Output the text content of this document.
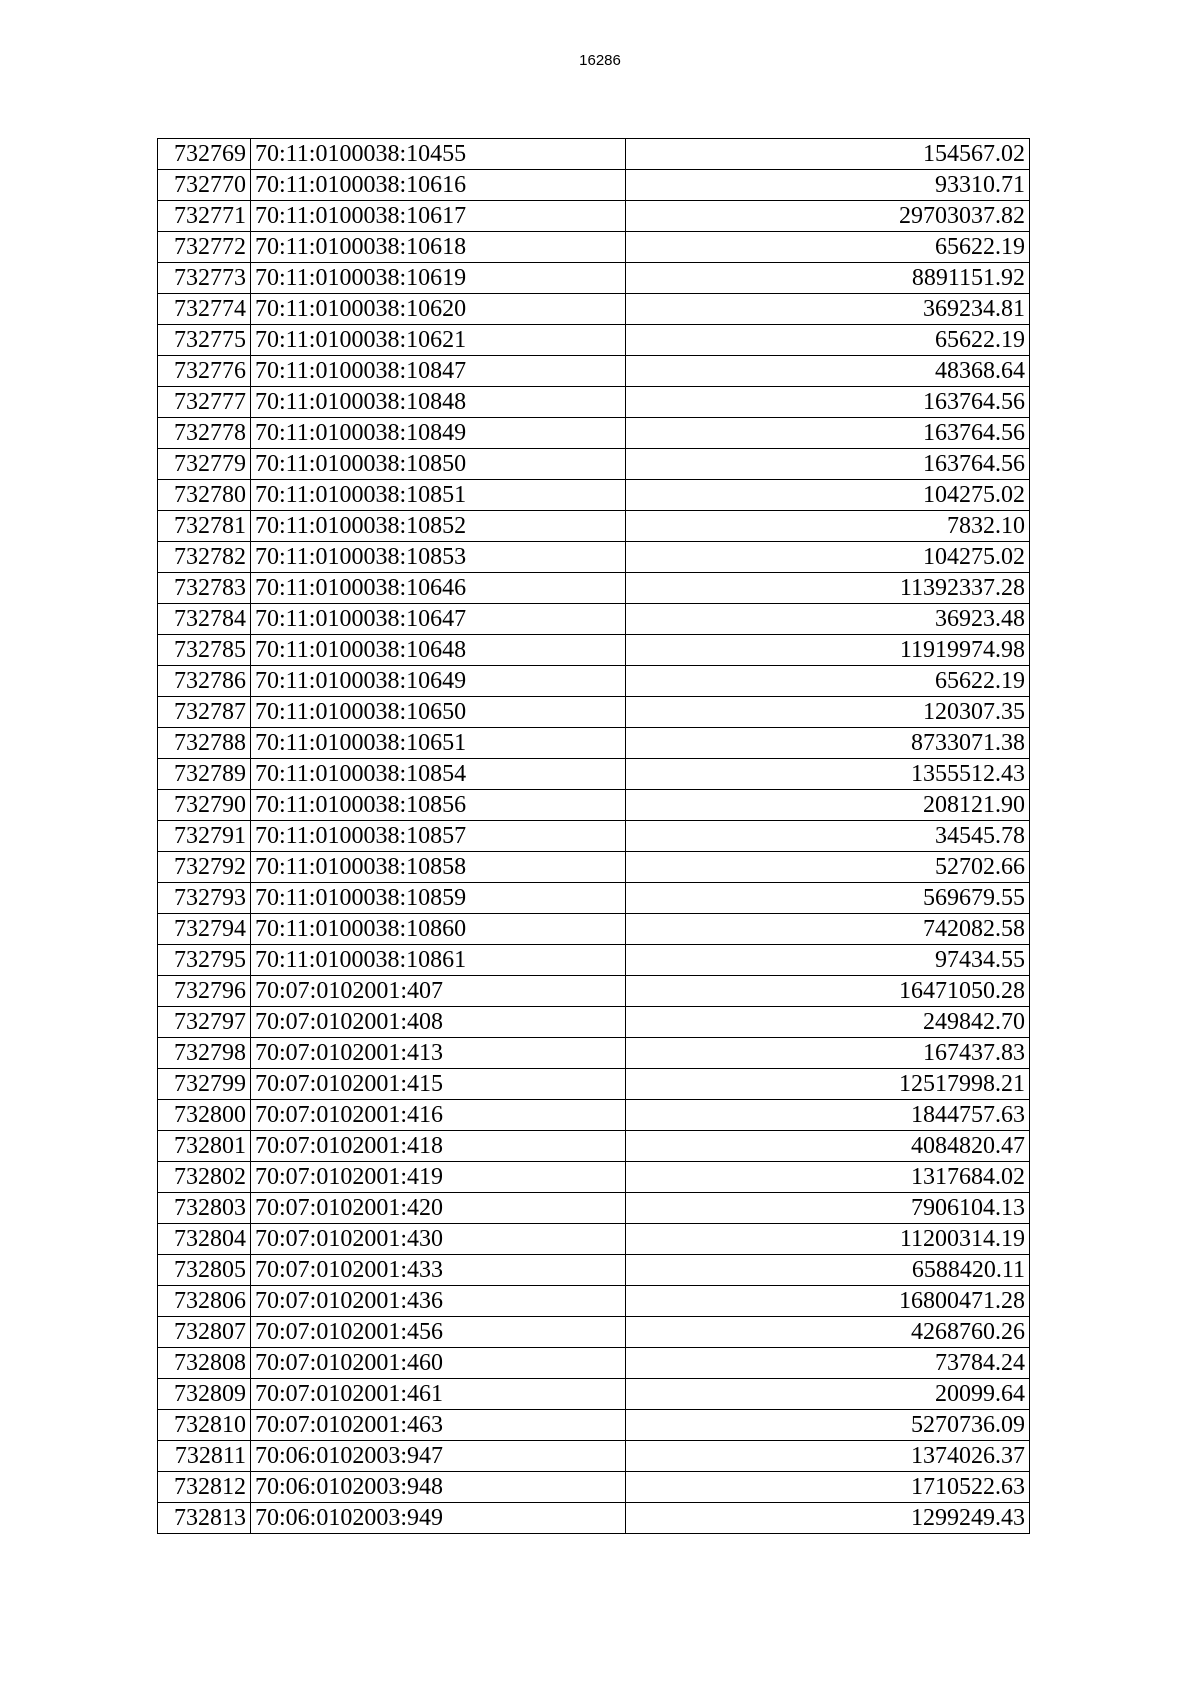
16286
732769	70:11:0100038:10455	154567.02
732770	70:11:0100038:10616	93310.71
732771	70:11:0100038:10617	29703037.82
732772	70:11:0100038:10618	65622.19
732773	70:11:0100038:10619	8891151.92
732774	70:11:0100038:10620	369234.81
732775	70:11:0100038:10621	65622.19
732776	70:11:0100038:10847	48368.64
732777	70:11:0100038:10848	163764.56
732778	70:11:0100038:10849	163764.56
732779	70:11:0100038:10850	163764.56
732780	70:11:0100038:10851	104275.02
732781	70:11:0100038:10852	7832.10
732782	70:11:0100038:10853	104275.02
732783	70:11:0100038:10646	11392337.28
732784	70:11:0100038:10647	36923.48
732785	70:11:0100038:10648	11919974.98
732786	70:11:0100038:10649	65622.19
732787	70:11:0100038:10650	120307.35
732788	70:11:0100038:10651	8733071.38
732789	70:11:0100038:10854	1355512.43
732790	70:11:0100038:10856	208121.90
732791	70:11:0100038:10857	34545.78
732792	70:11:0100038:10858	52702.66
732793	70:11:0100038:10859	569679.55
732794	70:11:0100038:10860	742082.58
732795	70:11:0100038:10861	97434.55
732796	70:07:0102001:407	16471050.28
732797	70:07:0102001:408	249842.70
732798	70:07:0102001:413	167437.83
732799	70:07:0102001:415	12517998.21
732800	70:07:0102001:416	1844757.63
732801	70:07:0102001:418	4084820.47
732802	70:07:0102001:419	1317684.02
732803	70:07:0102001:420	7906104.13
732804	70:07:0102001:430	11200314.19
732805	70:07:0102001:433	6588420.11
732806	70:07:0102001:436	16800471.28
732807	70:07:0102001:456	4268760.26
732808	70:07:0102001:460	73784.24
732809	70:07:0102001:461	20099.64
732810	70:07:0102001:463	5270736.09
732811	70:06:0102003:947	1374026.37
732812	70:06:0102003:948	1710522.63
732813	70:06:0102003:949	1299249.43
